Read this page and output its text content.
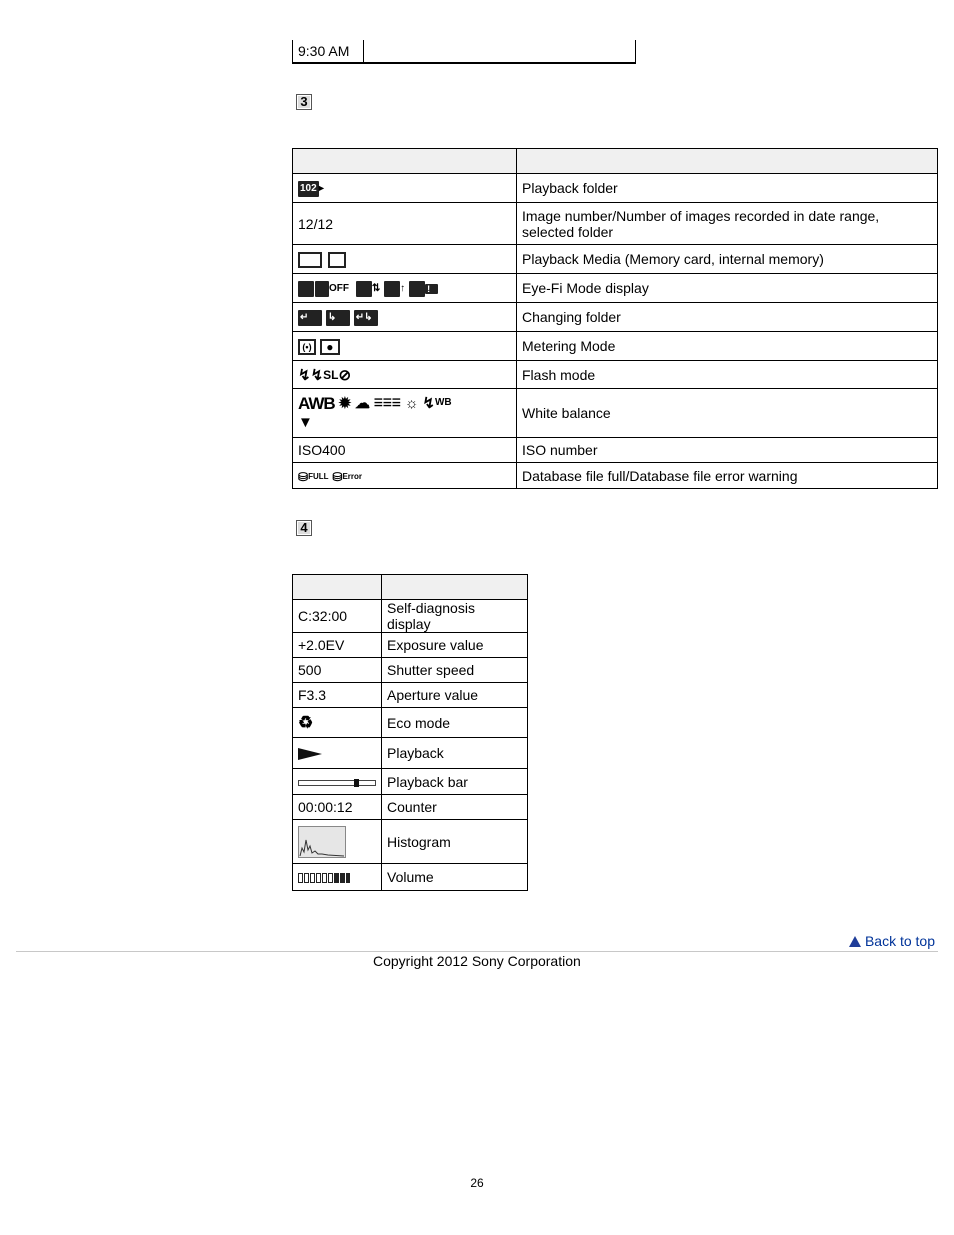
9:30 AM	
3

102 ▸	Playback folder
12/12	Image number/Number of images recorded in date range, selected folder
	Playback Media (Memory card, internal memory)
OFF ⇅ ↑ !	Eye-Fi Mode display
↵ ↳ ↵↳	Changing folder
(•) ●	Metering Mode
↯↯SL⊘	Flash mode
AWB ✹ ☁ ☰☰☰ ☼ ↯WB
▼	White balance
ISO400	ISO number
⛁FULL ⛁Error	Database file full/Database file error warning
4

C:32:00	Self-diagnosis display
+2.0EV	Exposure value
500	Shutter speed
F3.3	Aperture value
♻	Eco mode
	Playback
	Playback bar
00:00:12	Counter
	Histogram
	Volume
Back to top
Copyright 2012 Sony Corporation
26
